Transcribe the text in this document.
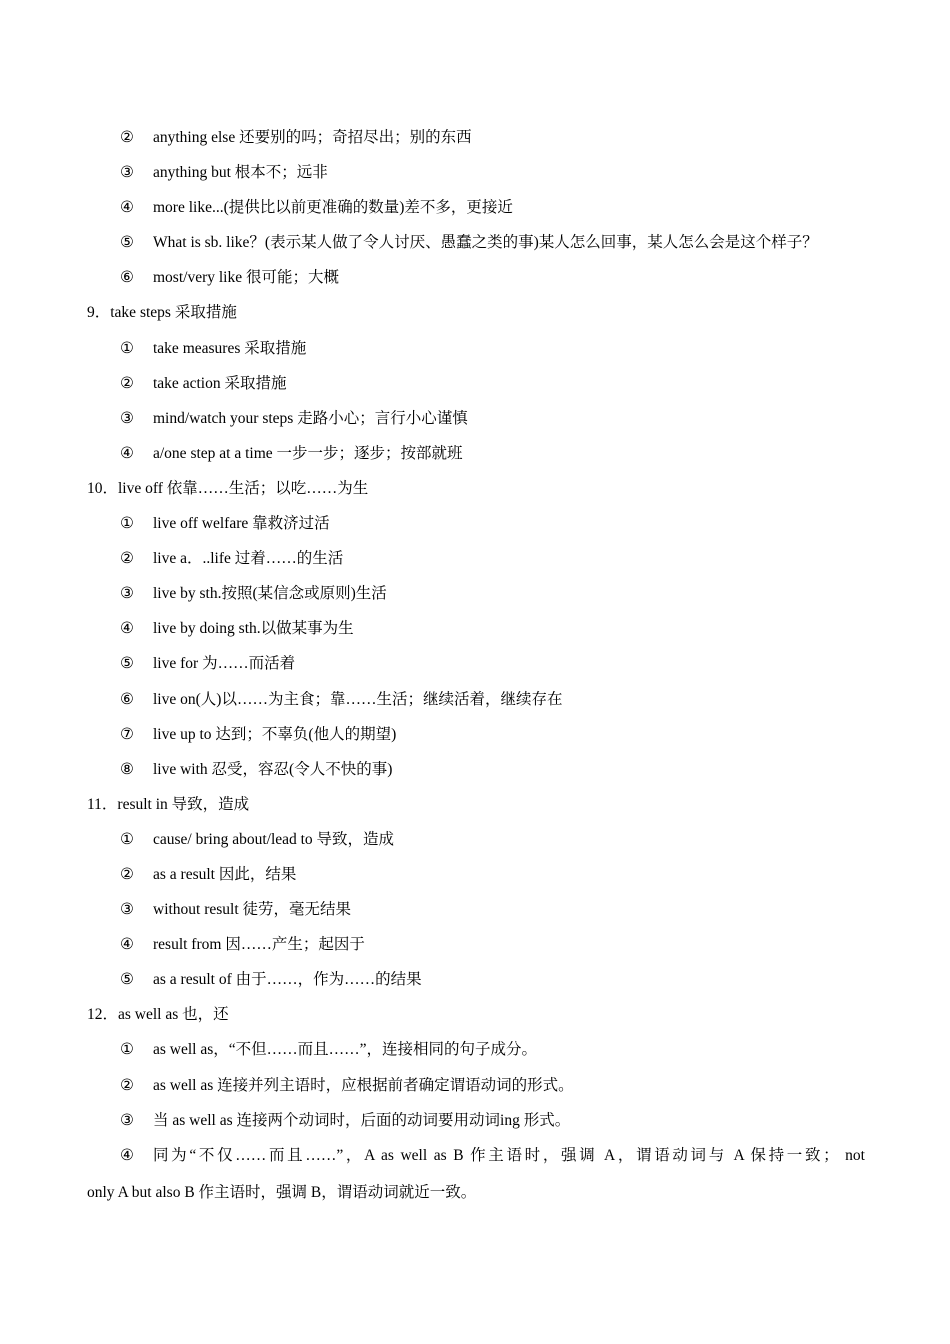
② anything else 还要别的吗；奇招尽出；别的东西
③ anything but 根本不；远非
④ more like...(提供比以前更准确的数量)差不多，更接近
⑤ What is sb. like？(表示某人做了令人讨厌、愚蠢之类的事)某人怎么回事，某人怎么会是这个样子？
⑥ most/very like 很可能；大概
9．take steps 采取措施
① take measures 采取措施
② take action 采取措施
③ mind/watch your steps 走路小心；言行小心谨慎
④ a/one step at a time 一步一步；逐步；按部就班
10．live off 依靠……生活；以吃……为生
① live off welfare 靠救济过活
② live a．..life 过着……的生活
③ live by sth.按照(某信念或原则)生活
④ live by doing sth.以做某事为生
⑤ live for 为……而活着
⑥ live on(人)以……为主食；靠……生活；继续活着，继续存在
⑦ live up to 达到；不辜负(他人的期望)
⑧ live with 忍受，容忍(令人不快的事)
11．result in 导致，造成
① cause/ bring about/lead to 导致，造成
② as a result 因此，结果
③ without result 徒劳，毫无结果
④ result from 因……产生；起因于
⑤ as a result of 由于……，作为……的结果
12．as well as 也，还
① as well as，“不但……而且……”，连接相同的句子成分。
② as well as 连接并列主语时，应根据前者确定谓语动词的形式。
③ 当 as well as 连接两个动词时，后面的动词要用动词ing 形式。
④	同为“不仅……而且……”，A as well as B 作主语时，强调 A，谓语动词与 A 保持一致； not
only A but also B 作主语时，强调 B，谓语动词就近一致。
